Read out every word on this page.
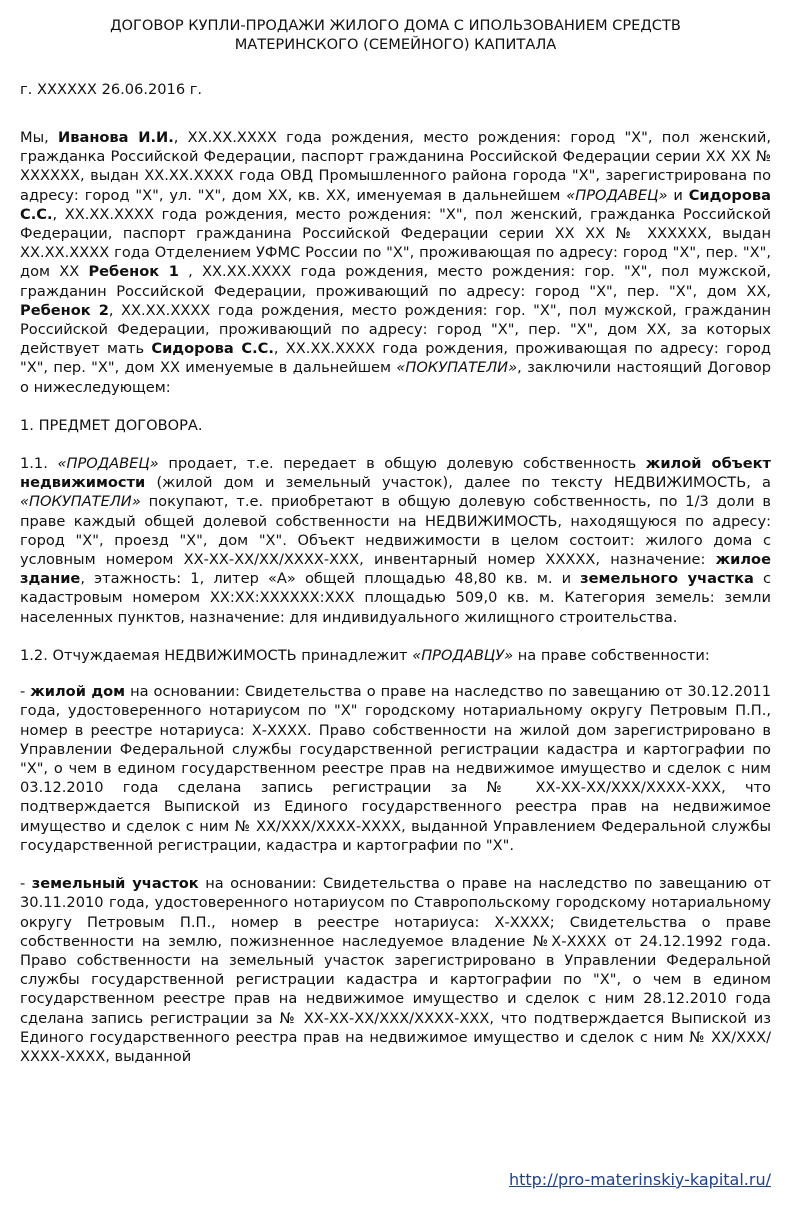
ДОГОВОР КУПЛИ-ПРОДАЖИ ЖИЛОГО ДОМА С ИПОЛЬЗОВАНИЕМ СРЕДСТВ МАТЕРИНСКОГО (СЕМЕЙНОГО) КАПИТАЛА
г. ХХХХХХ 26.06.2016 г.

Мы, Иванова И.И., ХХ.ХХ.ХХХХ года рождения, место рождения: город "Х", пол женский, гражданка Российской Федерации, паспорт гражданина Российской Федерации серии ХХ ХХ № ХХХХХХ, выдан ХХ.ХХ.ХХХХ года ОВД Промышленного района города "Х", зарегистрирована по адресу: город "Х", ул. "Х", дом ХХ, кв. ХХ, именуемая в дальнейшем «ПРОДАВЕЦ» и Сидорова С.С., ХХ.ХХ.ХХХХ года рождения, место рождения: "Х", пол женский, гражданка Российской Федерации, паспорт гражданина Российской Федерации серии ХХ ХХ № ХХХХХХ, выдан ХХ.ХХ.ХХХХ года Отделением УФМС России по "Х", проживающая по адресу: город "Х", пер. "Х", дом ХХ Ребенок 1 , ХХ.ХХ.ХХХХ года рождения, место рождения: гор. "Х", пол мужской, гражданин Российской Федерации, проживающий по адресу: город "Х", пер. "Х", дом ХХ, Ребенок 2, ХХ.ХХ.ХХХХ года рождения, место рождения: гор. "Х", пол мужской, гражданин Российской Федерации, проживающий по адресу: город "Х", пер. "Х", дом ХХ, за которых действует мать Сидорова С.С., ХХ.ХХ.ХХХХ года рождения, проживающая по адресу: город "Х", пер. "Х", дом ХХ именуемые в дальнейшем «ПОКУПАТЕЛИ», заключили настоящий Договор о нижеследующем:

1. ПРЕДМЕТ ДОГОВОРА.

1.1. «ПРОДАВЕЦ» продает, т.е. передает в общую долевую собственность жилой объект недвижимости (жилой дом и земельный участок), далее по тексту НЕДВИЖИМОСТЬ, а «ПОКУПАТЕЛИ» покупают, т.е. приобретают в общую долевую собственность, по 1/3 доли в праве каждый общей долевой собственности на НЕДВИЖИМОСТЬ, находящуюся по адресу: город "Х", проезд "Х", дом "Х". Объект недвижимости в целом состоит: жилого дома с условным номером ХХ-ХХ-ХХ/ХХ/ХХХХ-ХХХ, инвентарный номер ХХХХХ, назначение: жилое здание, этажность: 1, литер «А» общей площадью 48,80 кв. м. и земельного участка с кадастровым номером ХХ:ХХ:ХХХХХХ:ХХХ площадью 509,0 кв. м. Категория земель: земли населенных пунктов, назначение: для индивидуального жилищного строительства.

1.2. Отчуждаемая НЕДВИЖИМОСТЬ принадлежит «ПРОДАВЦУ» на праве собственности:

- жилой дом на основании: Свидетельства о праве на наследство по завещанию от 30.12.2011 года, удостоверенного нотариусом по "Х" городскому нотариальному округу Петровым П.П., номер в реестре нотариуса: Х-ХХХХ. Право собственности на жилой дом зарегистрировано в Управлении Федеральной службы государственной регистрации кадастра и картографии по "Х", о чем в едином государственном реестре прав на недвижимое имущество и сделок с ним 03.12.2010 года сделана запись регистрации за № ХХ-ХХ-ХХ/ХХХ/ХХХХ-ХХХ, что подтверждается Выпиской из Единого государственного реестра прав на недвижимое имущество и сделок с ним № ХХ/ХХХ/ХХХХ-ХХХХ, выданной Управлением Федеральной службы государственной регистрации, кадастра и картографии по "Х".

- земельный участок на основании: Свидетельства о праве на наследство по завещанию от 30.11.2010 года, удостоверенного нотариусом по Ставропольскому городскому нотариальному округу Петровым П.П., номер в реестре нотариуса: Х-ХХХХ; Свидетельства о праве собственности на землю, пожизненное наследуемое владение №Х-ХХХХ от 24.12.1992 года. Право собственности на земельный участок зарегистрировано в Управлении Федеральной службы государственной регистрации кадастра и картографии по "Х", о чем в едином государственном реестре прав на недвижимое имущество и сделок с ним 28.12.2010 года сделана запись регистрации за № ХХ-ХХ-ХХ/ХХХ/ХХХХ-ХХХ, что подтверждается Выпиской из Единого государственного реестра прав на недвижимое имущество и сделок с ним № ХХ/ХХХ/ХХХХ-ХХХХ, выданной

http://pro-materinskiy-kapital.ru/
